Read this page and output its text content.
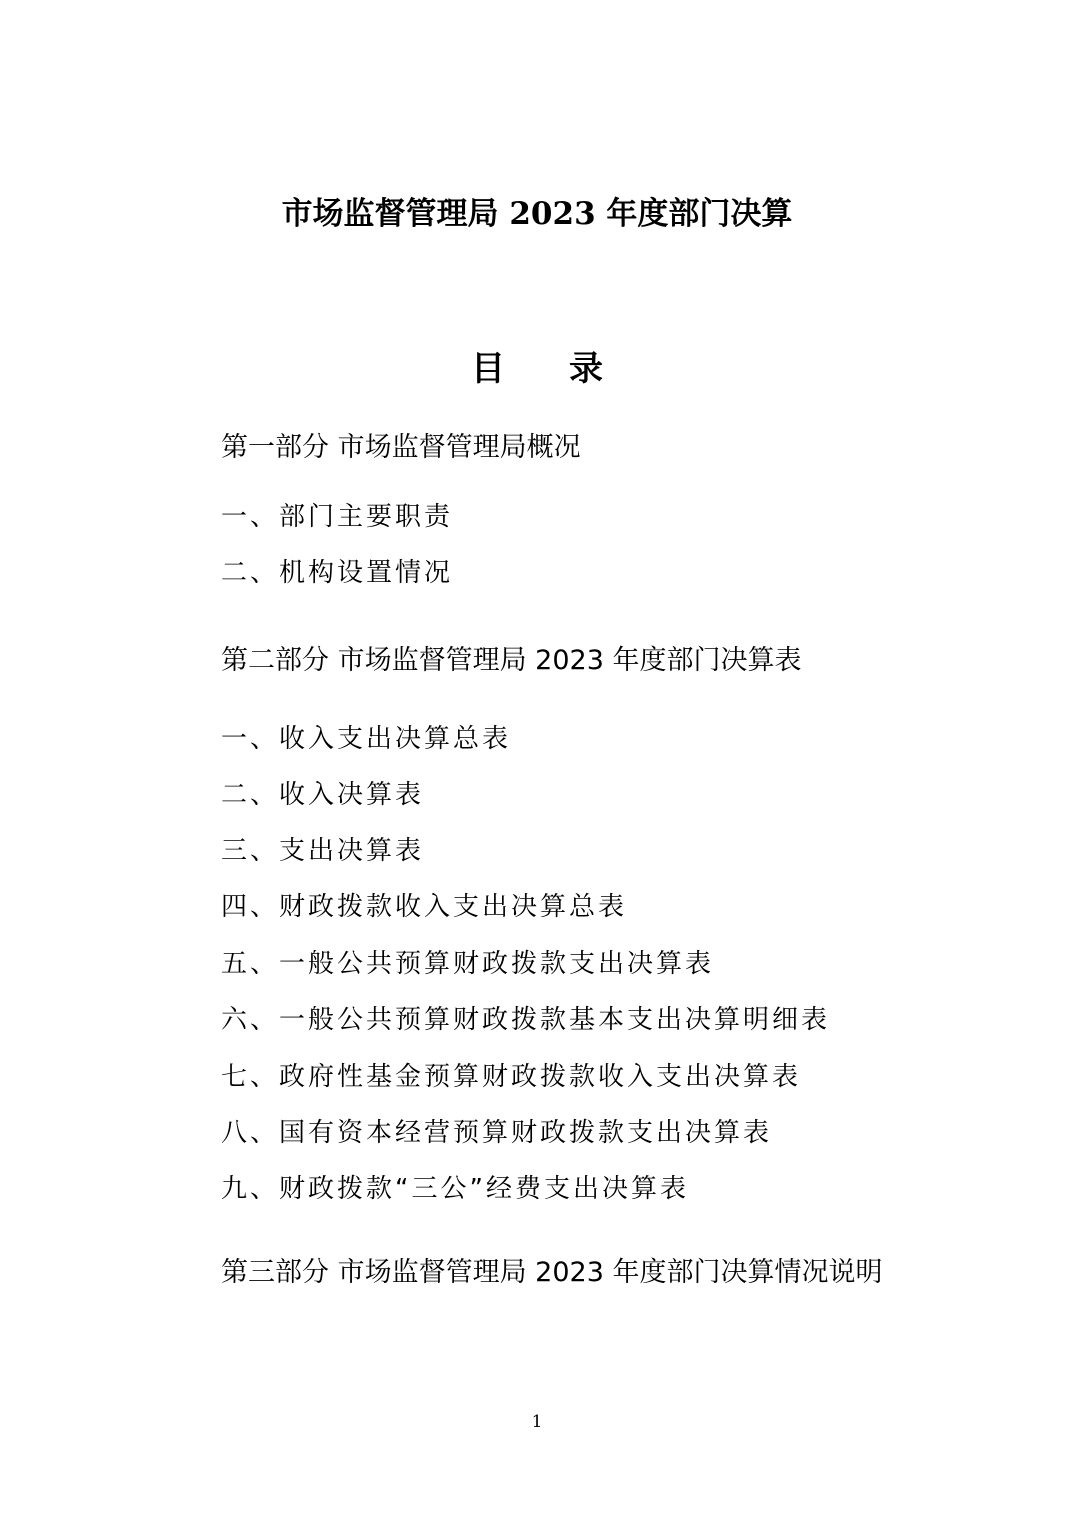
市场监督管理局 2023 年度部门决算
目 录
第一部分 市场监督管理局概况
一、部门主要职责
二、机构设置情况
第二部分 市场监督管理局 2023 年度部门决算表
一、收入支出决算总表
二、收入决算表
三、支出决算表
四、财政拨款收入支出决算总表
五、一般公共预算财政拨款支出决算表
六、一般公共预算财政拨款基本支出决算明细表
七、政府性基金预算财政拨款收入支出决算表
八、国有资本经营预算财政拨款支出决算表
九、财政拨款“三公”经费支出决算表
第三部分 市场监督管理局 2023 年度部门决算情况说明
1
